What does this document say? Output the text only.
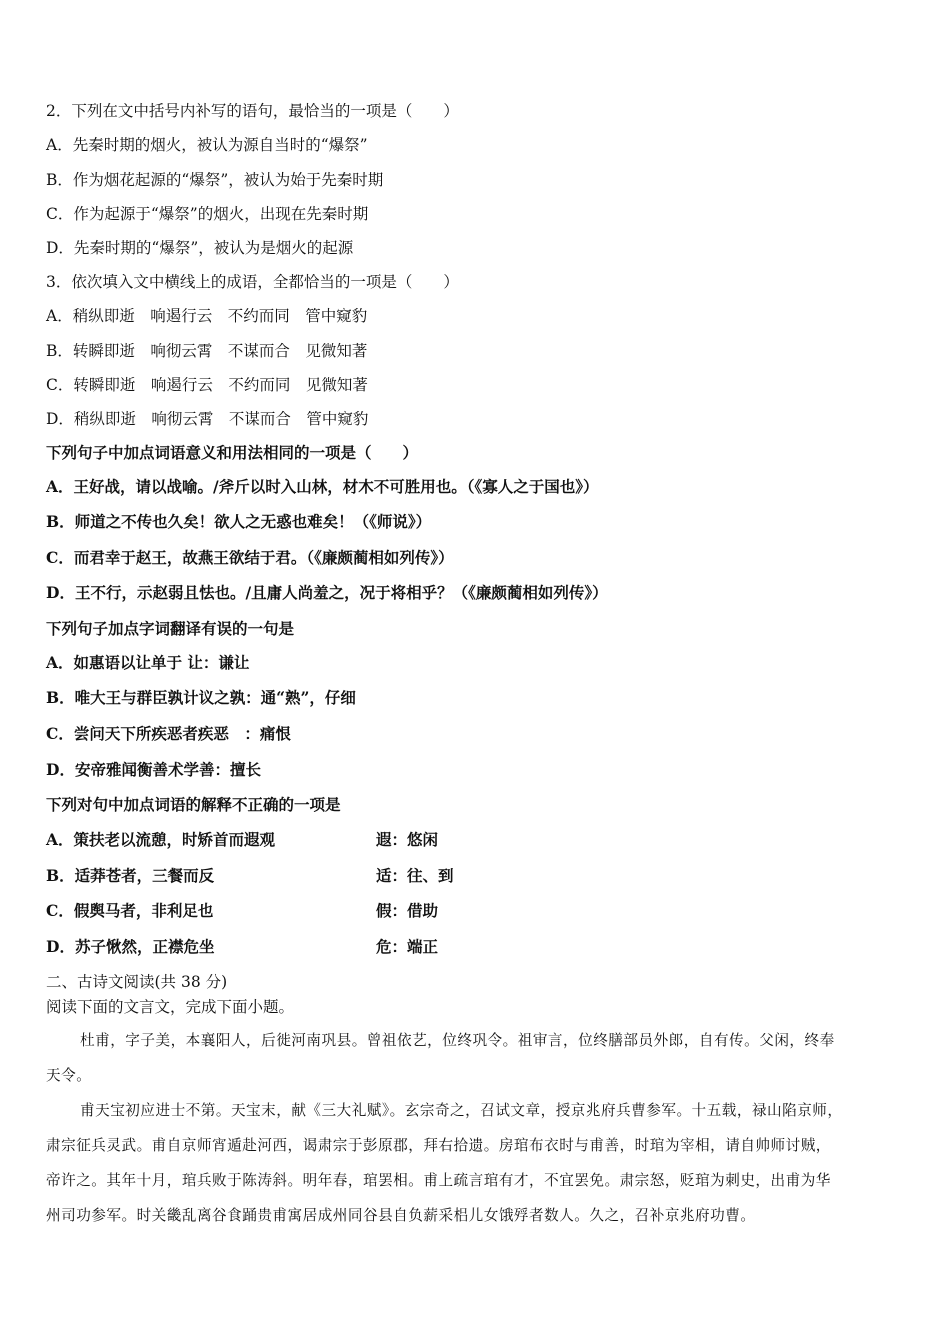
2．下列在文中括号内补写的语句，最恰当的一项是（　　）
A．先秦时期的烟火，被认为源自当时的“爆祭”
B．作为烟花起源的“爆祭”，被认为始于先秦时期
C．作为起源于“爆祭”的烟火，出现在先秦时期
D．先秦时期的“爆祭”，被认为是烟火的起源
3．依次填入文中横线上的成语，全都恰当的一项是（　　）
A．稍纵即逝　响遏行云　不约而同　管中窥豹
B．转瞬即逝　响彻云霄　不谋而合　见微知著
C．转瞬即逝　响遏行云　不约而同　见微知著
D．稍纵即逝　响彻云霄　不谋而合　管中窥豹
下列句子中加点词语意义和用法相同的一项是（　　）
A．王好战，请以战喻。/斧斤以时入山林，材木不可胜用也。（《寡人之于国也》）
B．师道之不传也久矣！欲人之无惑也难矣！（《师说》）
C．而君幸于赵王，故燕王欲结于君。（《廉颇蔺相如列传》）
D．王不行，示赵弱且怯也。/且庸人尚羞之，况于将相乎？（《廉颇蔺相如列传》）
下列句子加点字词翻译有误的一句是
A．如惠语以让单于 让：谦让
B．唯大王与群臣孰计议之孰：通“熟”，仔细
C．尝问天下所疾恶者疾恶　：痛恨
D．安帝雅闻衡善术学善：擅长
下列对句中加点词语的解释不正确的一项是
A．策扶老以流憩，时矫首而遐观	遐：悠闲
B．适莽苍者，三餐而反	适：往、到
C．假舆马者，非利足也	假：借助
D．苏子愀然，正襟危坐	危：端正
二、古诗文阅读(共 38 分)
阅读下面的文言文，完成下面小题。
杜甫，字子美，本襄阳人，后徙河南巩县。曾祖依艺，位终巩令。祖审言，位终膳部员外郎，自有传。父闲，终奉
天令。
甫天宝初应进士不第。天宝末，献《三大礼赋》。玄宗奇之，召试文章，授京兆府兵曹参军。十五载，禄山陷京师，
肃宗征兵灵武。甫自京师宵遁赴河西，谒肃宗于彭原郡，拜右拾遗。房琯布衣时与甫善，时琯为宰相，请自帅师讨贼，
帝许之。其年十月，琯兵败于陈涛斜。明年春，琯罢相。甫上疏言琯有才，不宜罢免。肃宗怒，贬琯为刺史，出甫为华
州司功参军。时关畿乱离谷食踊贵甫寓居成州同谷县自负薪采梠儿女饿殍者数人。久之，召补京兆府功曹。
